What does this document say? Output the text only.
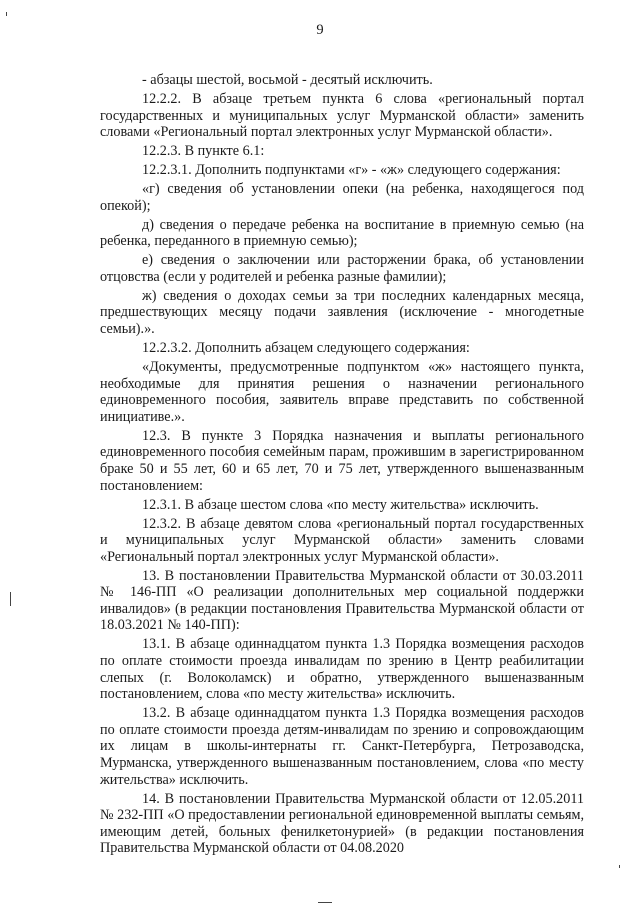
9

- абзацы шестой, восьмой - десятый исключить.

12.2.2. В абзаце третьем пункта 6 слова «региональный портал государственных и муниципальных услуг Мурманской области» заменить словами «Региональный портал электронных услуг Мурманской области».

12.2.3. В пункте 6.1:

12.2.3.1. Дополнить подпунктами «г» - «ж» следующего содержания:

«г) сведения об установлении опеки (на ребенка, находящегося под опекой);

д) сведения о передаче ребенка на воспитание в приемную семью (на ребенка, переданного в приемную семью);

е) сведения о заключении или расторжении брака, об установлении отцовства (если у родителей и ребенка разные фамилии);

ж) сведения о доходах семьи за три последних календарных месяца, предшествующих месяцу подачи заявления (исключение - многодетные семьи).».

12.2.3.2. Дополнить абзацем следующего содержания:

«Документы, предусмотренные подпунктом «ж» настоящего пункта, необходимые для принятия решения о назначении регионального единовременного пособия, заявитель вправе представить по собственной инициативе.».

12.3. В пункте 3 Порядка назначения и выплаты регионального единовременного пособия семейным парам, прожившим в зарегистрированном браке 50 и 55 лет, 60 и 65 лет, 70 и 75 лет, утвержденного вышеназванным постановлением:

12.3.1. В абзаце шестом слова «по месту жительства» исключить.

12.3.2. В абзаце девятом слова «региональный портал государственных и муниципальных услуг Мурманской области» заменить словами «Региональный портал электронных услуг Мурманской области».

13. В постановлении Правительства Мурманской области от 30.03.2011 № 146-ПП «О реализации дополнительных мер социальной поддержки инвалидов» (в редакции постановления Правительства Мурманской области от 18.03.2021 № 140-ПП):

13.1. В абзаце одиннадцатом пункта 1.3 Порядка возмещения расходов по оплате стоимости проезда инвалидам по зрению в Центр реабилитации слепых (г. Волоколамск) и обратно, утвержденного вышеназванным постановлением, слова «по месту жительства» исключить.

13.2. В абзаце одиннадцатом пункта 1.3 Порядка возмещения расходов по оплате стоимости проезда детям-инвалидам по зрению и сопровождающим их лицам в школы-интернаты гг. Санкт-Петербурга, Петрозаводска, Мурманска, утвержденного вышеназванным постановлением, слова «по месту жительства» исключить.

14. В постановлении Правительства Мурманской области от 12.05.2011 № 232-ПП «О предоставлении региональной единовременной выплаты семьям, имеющим детей, больных фенилкетонурией» (в редакции постановления Правительства Мурманской области от 04.08.2020
